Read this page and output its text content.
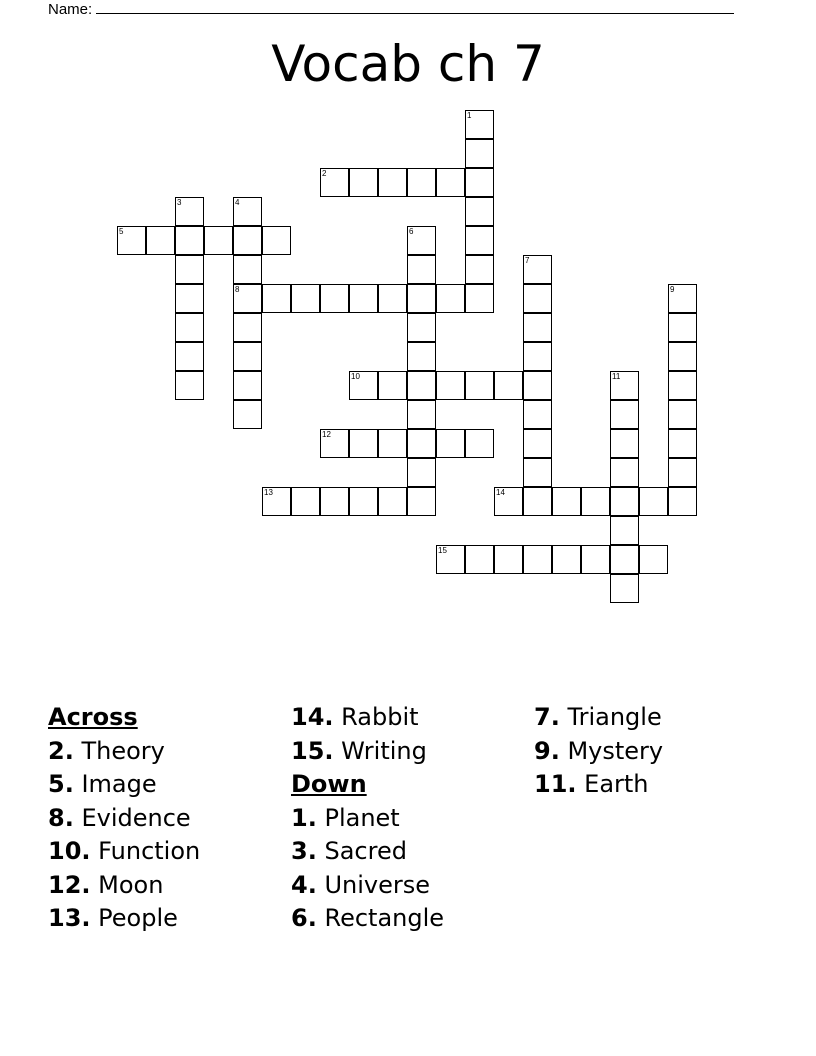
Name:
Vocab ch 7
1
2
3	4
8
5	6
7
9
10	11
12
13	14
15
Across
2. Theory
5. Image
8. Evidence
10. Function
12. Moon
13. People
14. Rabbit
15. Writing
Down
1. Planet
3. Sacred
4. Universe
6. Rectangle
7. Triangle
9. Mystery
11. Earth
